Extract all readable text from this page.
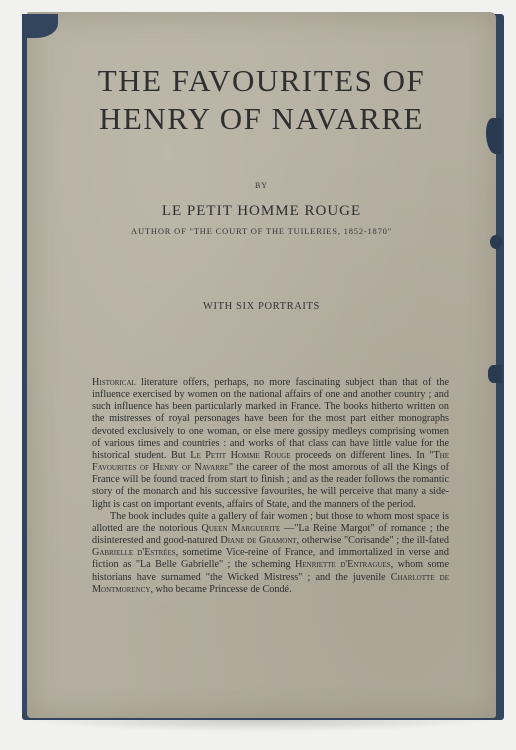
THE FAVOURITES OF
HENRY OF NAVARRE
BY
LE PETIT HOMME ROUGE
AUTHOR OF "THE COURT OF THE TUILERIES, 1852-1870"
WITH SIX PORTRAITS

Historical literature offers, perhaps, no more fascinating subject than that of the influence exercised by women on the national affairs of one and another country ; and such influence has been particularly marked in France. The books hitherto written on the mistresses of royal personages have been for the most part either monographs devoted exclusively to one woman, or else mere gossipy medleys comprising women of various times and countries : and works of that class can have little value for the historical student. But Le Petit Homme Rouge proceeds on different lines. In "The Favourites of Henry of Navarre" the career of the most amorous of all the Kings of France will be found traced from start to finish ; and as the reader follows the romantic story of the monarch and his successive favourites, he will perceive that many a side-light is cast on important events, affairs of State, and the manners of the period.

The book includes quite a gallery of fair women ; but those to whom most space is allotted are the notorious Queen Marguerite —"La Reine Margot" of romance ; the disinterested and good-natured Diane de Gramont, otherwise "Corisande" ; the ill-fated Gabrielle d'Estrées, sometime Vice-reine of France, and immortalized in verse and fiction as "La Belle Gabrielle" ; the scheming Henriette d'Entragues, whom some historians have surnamed "the Wicked Mistress" ; and the juvenile Charlotte de Montmorency, who became Princesse de Condé.
